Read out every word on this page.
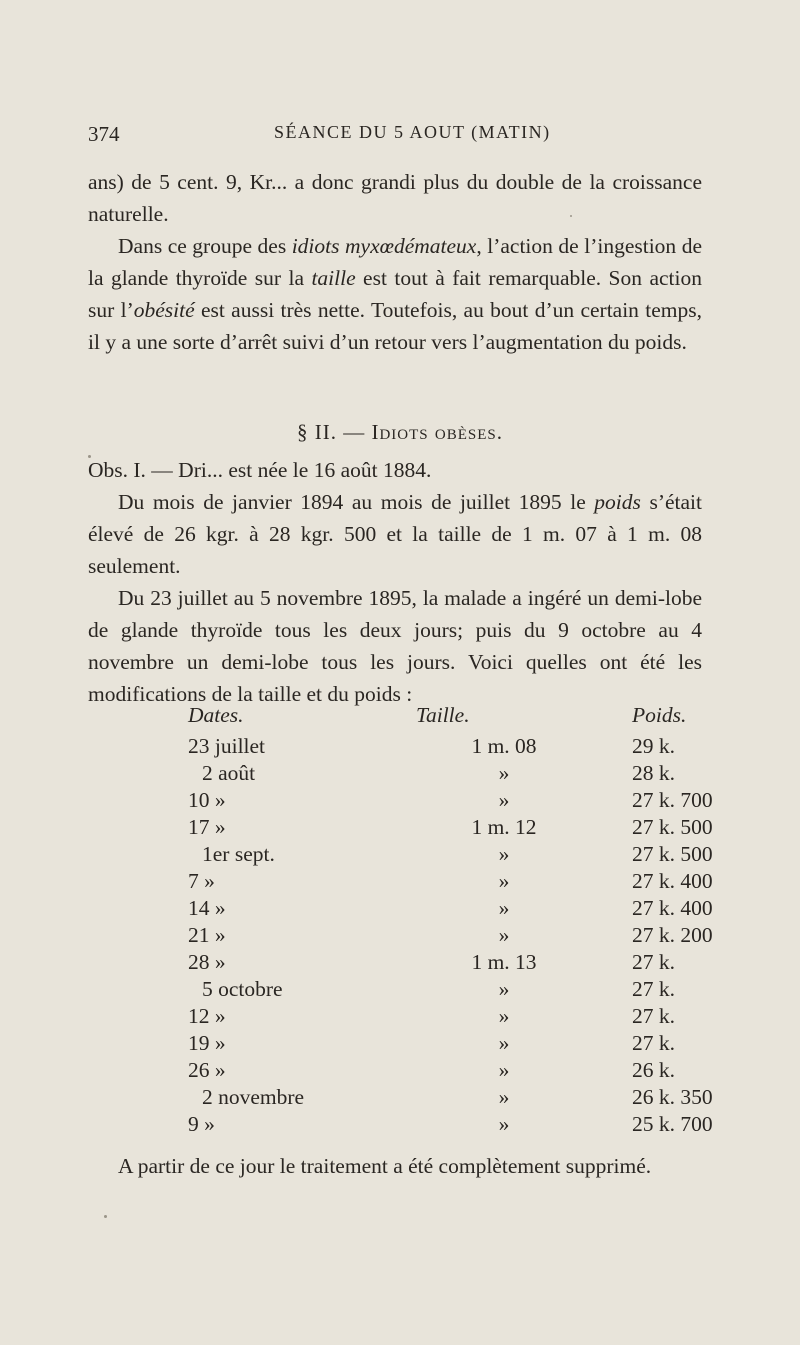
374	SÉANCE DU 5 AOUT (MATIN)

ans) de 5 cent. 9, Kr... a donc grandi plus du double de la croissance naturelle.

Dans ce groupe des idiots myxœdémateux, l’action de l’ingestion de la glande thyroïde sur la taille est tout à fait remarquable. Son action sur l’obésité est aussi très nette. Toutefois, au bout d’un certain temps, il y a une sorte d’arrêt suivi d’un retour vers l’augmentation du poids.

§ II. — Idiots obèses.

Obs. I. — Dri... est née le 16 août 1884.

Du mois de janvier 1894 au mois de juillet 1895 le poids s’était élevé de 26 kgr. à 28 kgr. 500 et la taille de 1 m. 07 à 1 m. 08 seulement.

Du 23 juillet au 5 novembre 1895, la malade a ingéré un demi-lobe de glande thyroïde tous les deux jours; puis du 9 octobre au 4 novembre un demi-lobe tous les jours. Voici quelles ont été les modifications de la taille et du poids :

Dates.	Taille.	Poids.
23 juillet	1 m. 08	29 k.
2 août	»	28 k.
10 »	»	27 k. 700
17 »	1 m. 12	27 k. 500
1er sept.	»	27 k. 500
7 »	»	27 k. 400
14 »	»	27 k. 400
21 »	»	27 k. 200
28 »	1 m. 13	27 k.
5 octobre	»	27 k.
12 »	»	27 k.
19 »	»	27 k.
26 »	»	26 k.
2 novembre	»	26 k. 350
9 »	»	25 k. 700

A partir de ce jour le traitement a été complètement supprimé.
